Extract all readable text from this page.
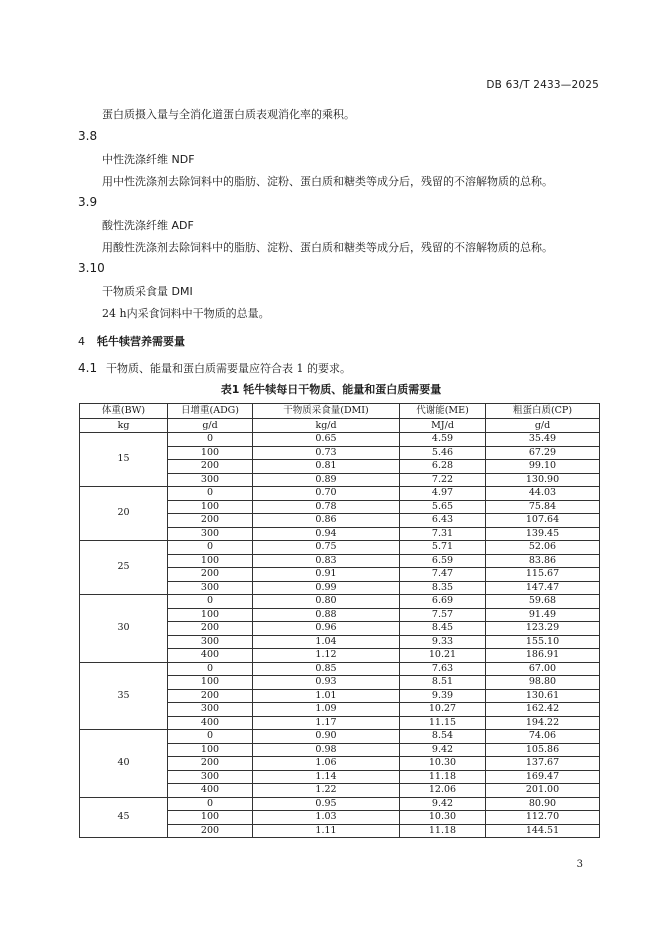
DB 63/T 2433—2025
蛋白质摄入量与全消化道蛋白质表观消化率的乘积。
3.8
中性洗涤纤维 NDF
用中性洗涤剂去除饲料中的脂肪、淀粉、蛋白质和糖类等成分后，残留的不溶解物质的总称。
3.9
酸性洗涤纤维 ADF
用酸性洗涤剂去除饲料中的脂肪、淀粉、蛋白质和糖类等成分后，残留的不溶解物质的总称。
3.10
干物质采食量 DMI
24 h内采食饲料中干物质的总量。
4 牦牛犊营养需要量
4.1 干物质、能量和蛋白质需要量应符合表 1 的要求。
表1 牦牛犊每日干物质、能量和蛋白质需要量
体重(BW)	日增重(ADG)	干物质采食量(DMI)	代谢能(ME)	粗蛋白质(CP)
kg	g/d	kg/d	MJ/d	g/d
15	0	0.65	4.59	35.49
	100	0.73	5.46	67.29
	200	0.81	6.28	99.10
	300	0.89	7.22	130.90
20	0	0.70	4.97	44.03
	100	0.78	5.65	75.84
	200	0.86	6.43	107.64
	300	0.94	7.31	139.45
25	0	0.75	5.71	52.06
	100	0.83	6.59	83.86
	200	0.91	7.47	115.67
	300	0.99	8.35	147.47
30	0	0.80	6.69	59.68
	100	0.88	7.57	91.49
	200	0.96	8.45	123.29
	300	1.04	9.33	155.10
	400	1.12	10.21	186.91
35	0	0.85	7.63	67.00
	100	0.93	8.51	98.80
	200	1.01	9.39	130.61
	300	1.09	10.27	162.42
	400	1.17	11.15	194.22
40	0	0.90	8.54	74.06
	100	0.98	9.42	105.86
	200	1.06	10.30	137.67
	300	1.14	11.18	169.47
	400	1.22	12.06	201.00
45	0	0.95	9.42	80.90
	100	1.03	10.30	112.70
	200	1.11	11.18	144.51
3
